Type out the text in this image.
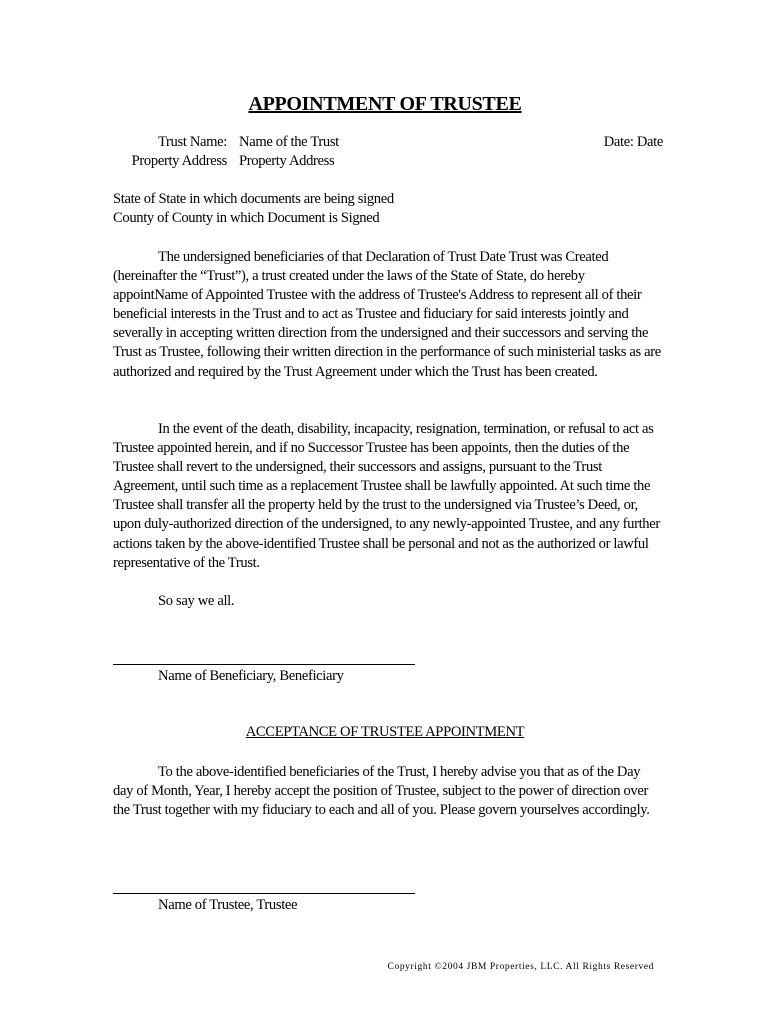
APPOINTMENT OF TRUSTEE
Trust Name: Name of the Trust	Date: Date
Property Address Property Address
State of State in which documents are being signed
County of County in which Document is Signed

The undersigned beneficiaries of that Declaration of Trust Date Trust was Created (hereinafter the “Trust”), a trust created under the laws of the State of State, do hereby appointName of Appointed Trustee with the address of Trustee's Address to represent all of their beneficial interests in the Trust and to act as Trustee and fiduciary for said interests jointly and severally in accepting written direction from the undersigned and their successors and serving the Trust as Trustee, following their written direction in the performance of such ministerial tasks as are authorized and required by the Trust Agreement under which the Trust has been created.

In the event of the death, disability, incapacity, resignation, termination, or refusal to act as Trustee appointed herein, and if no Successor Trustee has been appoints, then the duties of the Trustee shall revert to the undersigned, their successors and assigns, pursuant to the Trust Agreement, until such time as a replacement Trustee shall be lawfully appointed. At such time the Trustee shall transfer all the property held by the trust to the undersigned via Trustee’s Deed, or, upon duly-authorized direction of the undersigned, to any newly-appointed Trustee, and any further actions taken by the above-identified Trustee shall be personal and not as the authorized or lawful representative of the Trust.

So say we all.
Name of Beneficiary, Beneficiary
ACCEPTANCE OF TRUSTEE APPOINTMENT

To the above-identified beneficiaries of the Trust, I hereby advise you that as of the Day day of Month, Year, I hereby accept the position of Trustee, subject to the power of direction over the Trust together with my fiduciary to each and all of you. Please govern yourselves accordingly.

Name of Trustee, Trustee
Copyright ©2004 JBM Properties, LLC. All Rights Reserved
